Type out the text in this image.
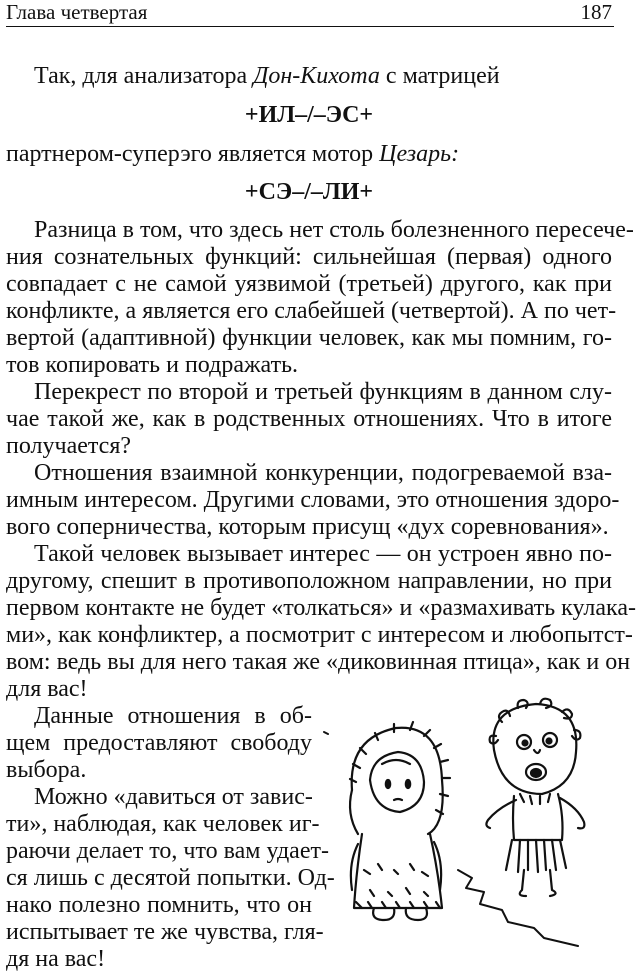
Глава четвертая	187
Так, для анализатора Дон-Кихота с матрицей
+ИЛ–/–ЭС+
партнером-суперэго является мотор Цезарь:
+СЭ–/–ЛИ+
Разница в том, что здесь нет столь болезненного пересече-
ния сознательных функций: сильнейшая (первая) одного
совпадает с не самой уязвимой (третьей) другого, как при
конфликте, а является его слабейшей (четвертой). А по чет-
вертой (адаптивной) функции человек, как мы помним, го-
тов копировать и подражать.
Перекрест по второй и третьей функциям в данном слу-
чае такой же, как в родственных отношениях. Что в итоге
получается?
Отношения взаимной конкуренции, подогреваемой вза-
имным интересом. Другими словами, это отношения здоро-
вого соперничества, которым присущ «дух соревнования».
Такой человек вызывает интерес — он устроен явно по-
другому, спешит в противоположном направлении, но при
первом контакте не будет «толкаться» и «размахивать кулака-
ми», как конфликтер, а посмотрит с интересом и любопытст-
вом: ведь вы для него такая же «диковинная птица», как и он
для вас!
Данные отношения в об-
щем предоставляют свободу
выбора.
Можно «давиться от завис-
ти», наблюдая, как человек иг-
раючи делает то, что вам удает-
ся лишь с десятой попытки. Од-
нако полезно помнить, что он
испытывает те же чувства, гля-
дя на вас!
